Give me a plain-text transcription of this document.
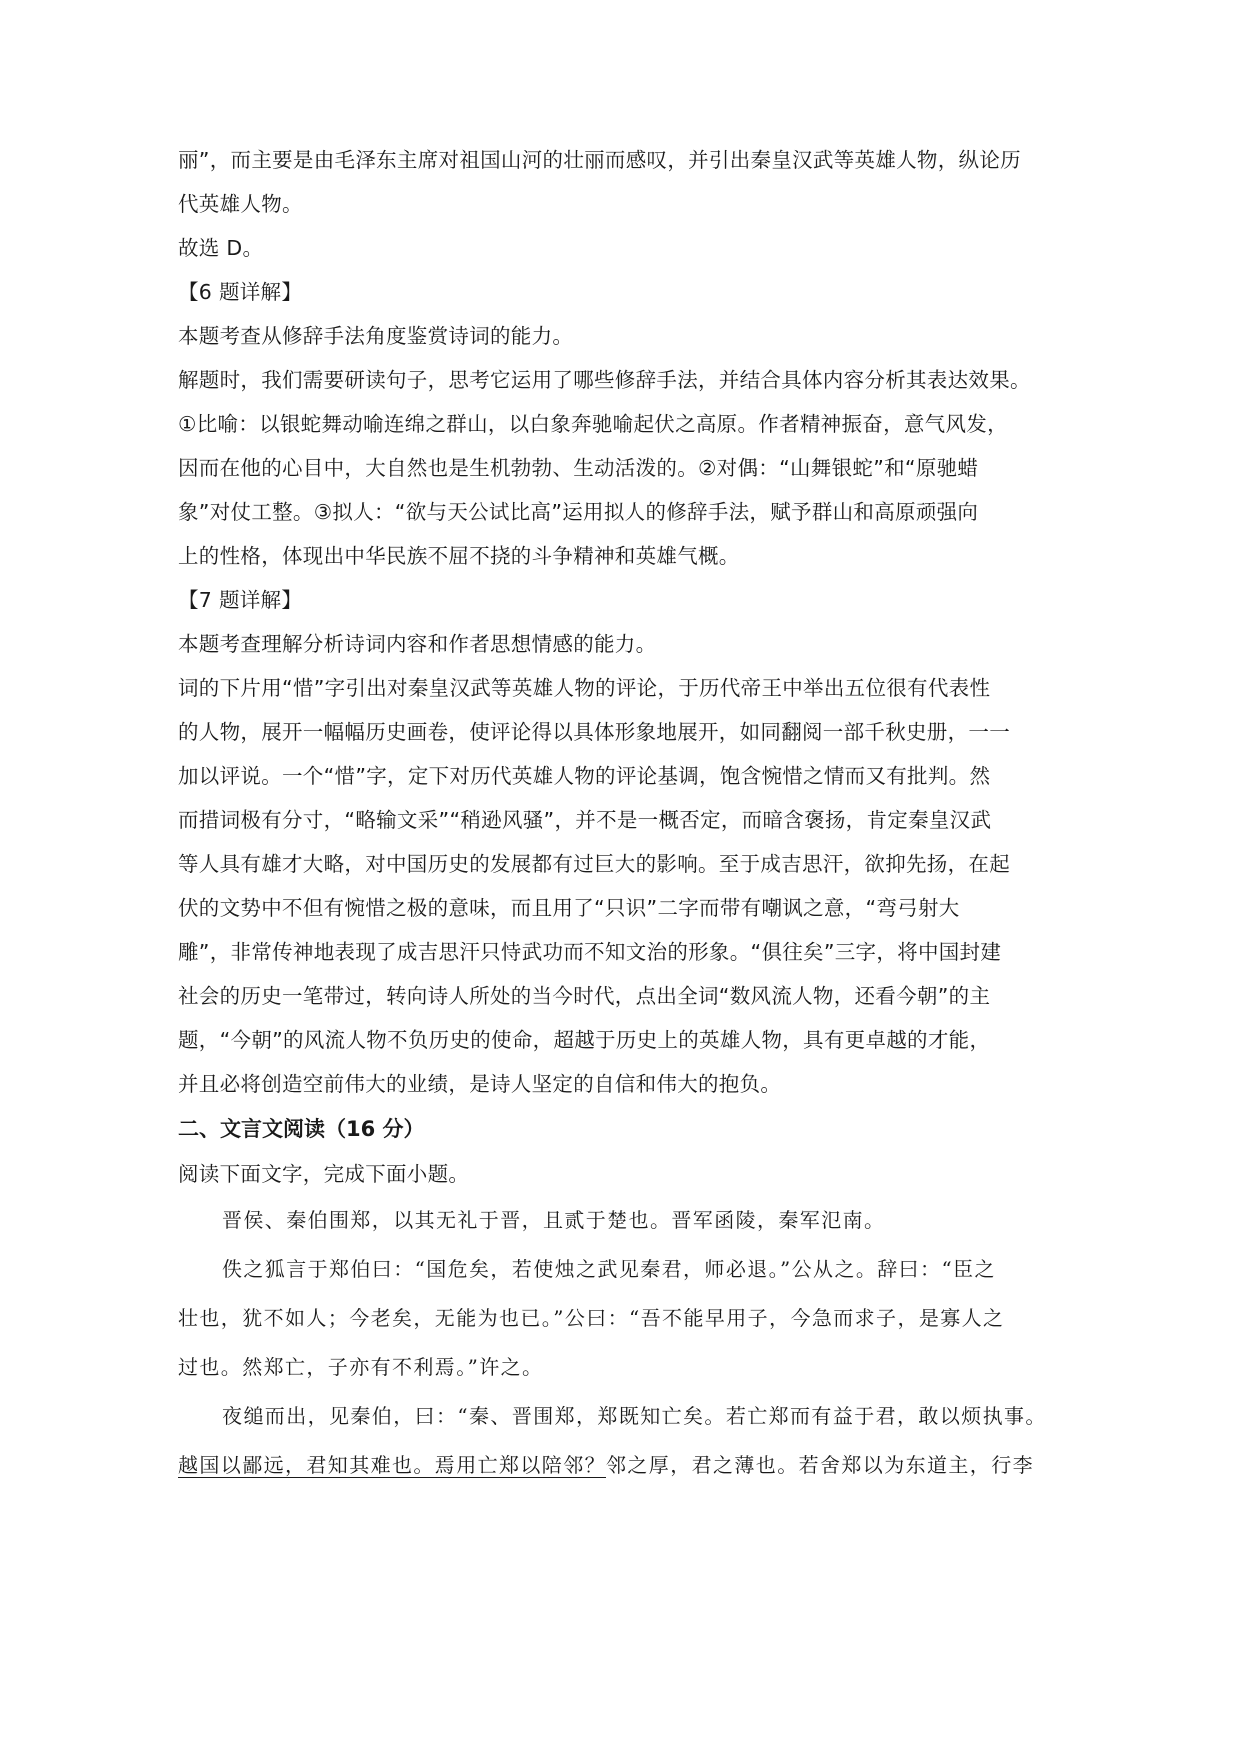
丽”，而主要是由毛泽东主席对祖国山河的壮丽而感叹，并引出秦皇汉武等英雄人物，纵论历
代英雄人物。
故选 D。
【6 题详解】
本题考查从修辞手法角度鉴赏诗词的能力。
解题时，我们需要研读句子，思考它运用了哪些修辞手法，并结合具体内容分析其表达效果。
①比喻：以银蛇舞动喻连绵之群山，以白象奔驰喻起伏之高原。作者精神振奋，意气风发，
因而在他的心目中，大自然也是生机勃勃、生动活泼的。②对偶：“山舞银蛇”和“原驰蜡
象”对仗工整。③拟人：“欲与天公试比高”运用拟人的修辞手法，赋予群山和高原顽强向
上的性格，体现出中华民族不屈不挠的斗争精神和英雄气概。
【7 题详解】
本题考查理解分析诗词内容和作者思想情感的能力。
词的下片用“惜”字引出对秦皇汉武等英雄人物的评论，于历代帝王中举出五位很有代表性
的人物，展开一幅幅历史画卷，使评论得以具体形象地展开，如同翻阅一部千秋史册，一一
加以评说。一个“惜”字，定下对历代英雄人物的评论基调，饱含惋惜之情而又有批判。然
而措词极有分寸，“略输文采”“稍逊风骚”，并不是一概否定，而暗含褒扬，肯定秦皇汉武
等人具有雄才大略，对中国历史的发展都有过巨大的影响。至于成吉思汗，欲抑先扬，在起
伏的文势中不但有惋惜之极的意味，而且用了“只识”二字而带有嘲讽之意，“弯弓射大
雕”，非常传神地表现了成吉思汗只恃武功而不知文治的形象。“俱往矣”三字，将中国封建
社会的历史一笔带过，转向诗人所处的当今时代，点出全词“数风流人物，还看今朝”的主
题，“今朝”的风流人物不负历史的使命，超越于历史上的英雄人物，具有更卓越的才能，
并且必将创造空前伟大的业绩，是诗人坚定的自信和伟大的抱负。
二、文言文阅读（16 分）
阅读下面文字，完成下面小题。
晋侯、秦伯围郑，以其无礼于晋，且贰于楚也。晋军函陵，秦军氾南。
佚之狐言于郑伯曰：“国危矣，若使烛之武见秦君，师必退。”公从之。辞曰：“臣之
壮也，犹不如人；今老矣，无能为也已。”公曰：“吾不能早用子，今急而求子，是寡人之
过也。然郑亡，子亦有不利焉。”许之。
夜缒而出，见秦伯，曰：“秦、晋围郑，郑既知亡矣。若亡郑而有益于君，敢以烦执事。
越国以鄙远，君知其难也。焉用亡郑以陪邻？邻之厚，君之薄也。若舍郑以为东道主，行李
